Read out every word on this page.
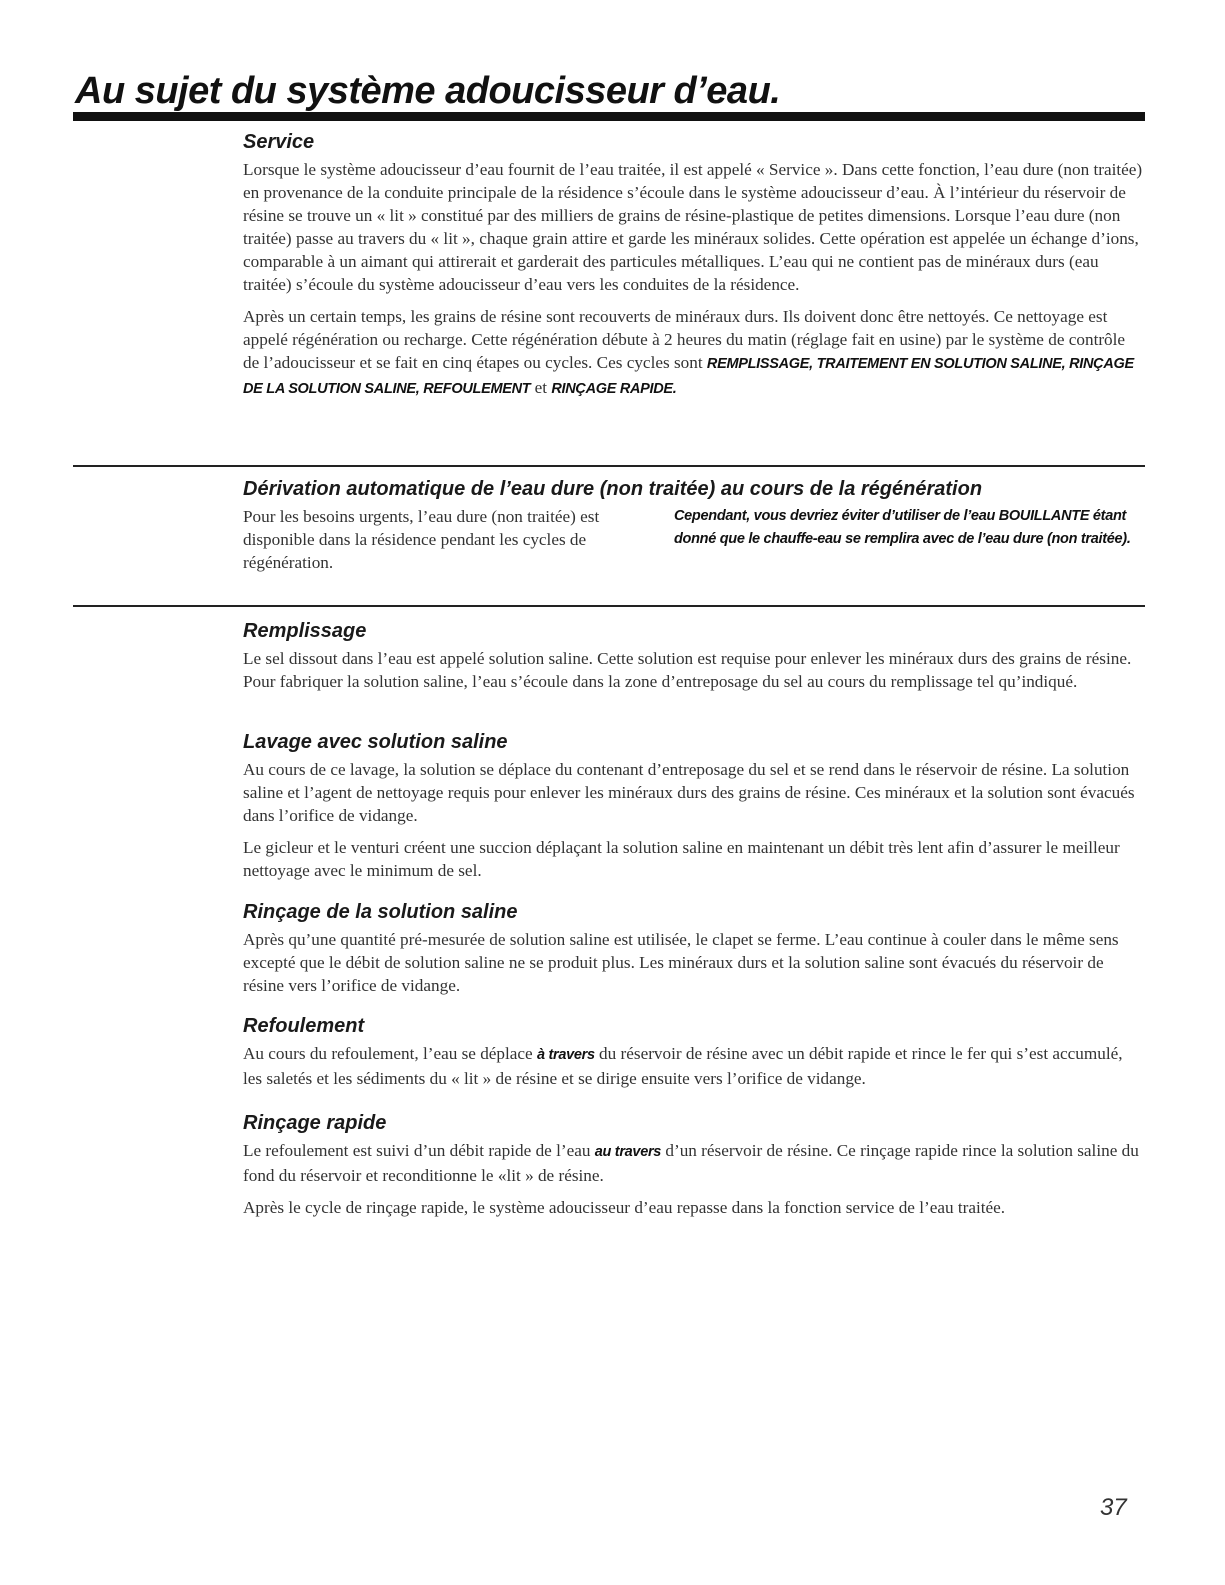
Au sujet du système adoucisseur d’eau.
Service

Lorsque le système adoucisseur d’eau fournit de l’eau traitée, il est appelé « Service ». Dans cette fonction, l’eau dure (non traitée) en provenance de la conduite principale de la résidence s’écoule dans le système adoucisseur d’eau. À l’intérieur du réservoir de résine se trouve un « lit » constitué par des milliers de grains de résine-plastique de petites dimensions. Lorsque l’eau dure (non traitée) passe au travers du « lit », chaque grain attire et garde les minéraux solides. Cette opération est appelée un échange d’ions, comparable à un aimant qui attirerait et garderait des particules métalliques. L’eau qui ne contient pas de minéraux durs (eau traitée) s’écoule du système adoucisseur d’eau vers les conduites de la résidence.

Après un certain temps, les grains de résine sont recouverts de minéraux durs. Ils doivent donc être nettoyés. Ce nettoyage est appelé régénération ou recharge. Cette régénération débute à 2 heures du matin (réglage fait en usine) par le système de contrôle de l’adoucisseur et se fait en cinq étapes ou cycles. Ces cycles sont REMPLISSAGE, TRAITEMENT EN SOLUTION SALINE, RINÇAGE DE LA SOLUTION SALINE, REFOULEMENT et RINÇAGE RAPIDE.

Dérivation automatique de l’eau dure (non traitée) au cours de la régénération

Pour les besoins urgents, l’eau dure (non traitée) est disponible dans la résidence pendant les cycles de régénération.

Cependant, vous devriez éviter d’utiliser de l’eau BOUILLANTE étant donné que le chauffe-eau se remplira avec de l’eau dure (non traitée).

Remplissage

Le sel dissout dans l’eau est appelé solution saline. Cette solution est requise pour enlever les minéraux durs des grains de résine. Pour fabriquer la solution saline, l’eau s’écoule dans la zone d’entreposage du sel au cours du remplissage tel qu’indiqué.

Lavage avec solution saline

Au cours de ce lavage, la solution se déplace du contenant d’entreposage du sel et se rend dans le réservoir de résine. La solution saline et l’agent de nettoyage requis pour enlever les minéraux durs des grains de résine. Ces minéraux et la solution sont évacués dans l’orifice de vidange.

Le gicleur et le venturi créent une succion déplaçant la solution saline en maintenant un débit très lent afin d’assurer le meilleur nettoyage avec le minimum de sel.

Rinçage de la solution saline

Après qu’une quantité pré-mesurée de solution saline est utilisée, le clapet se ferme. L’eau continue à couler dans le même sens excepté que le débit de solution saline ne se produit plus. Les minéraux durs et la solution saline sont évacués du réservoir de résine vers l’orifice de vidange.

Refoulement

Au cours du refoulement, l’eau se déplace à travers du réservoir de résine avec un débit rapide et rince le fer qui s’est accumulé, les saletés et les sédiments du « lit » de résine et se dirige ensuite vers l’orifice de vidange.

Rinçage rapide

Le refoulement est suivi d’un débit rapide de l’eau au travers d’un réservoir de résine. Ce rinçage rapide rince la solution saline du fond du réservoir et reconditionne le «lit » de résine.

Après le cycle de rinçage rapide, le système adoucisseur d’eau repasse dans la fonction service de l’eau traitée.

37
